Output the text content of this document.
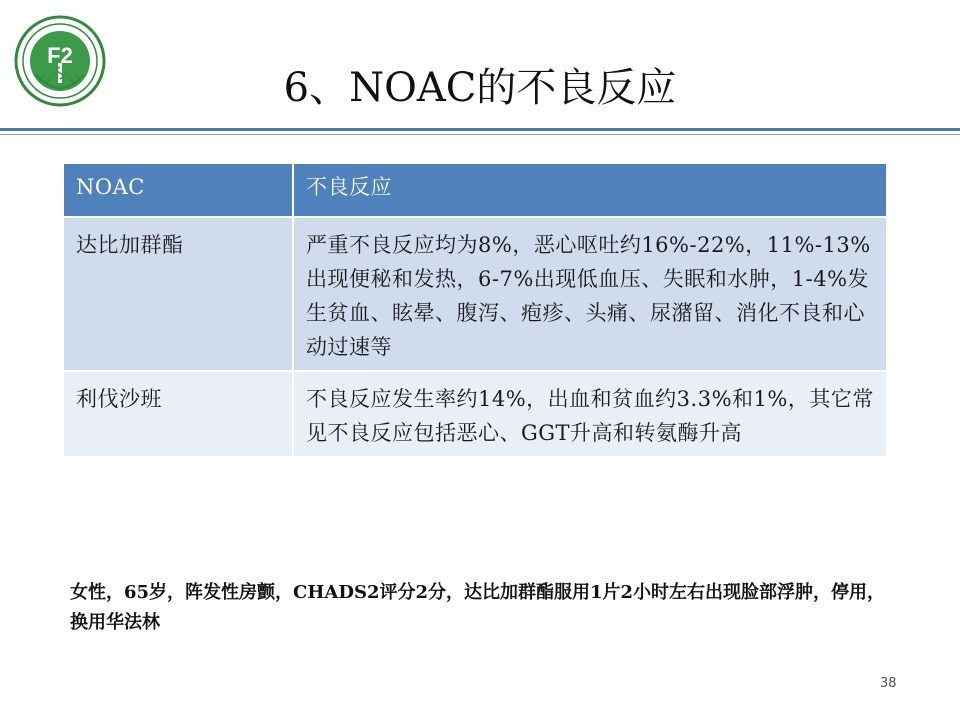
F2
6、NOAC的不良反应
NOAC	不良反应
达比加群酯	严重不良反应均为8%，恶心呕吐约16%-22%，11%-13%出现便秘和发热，6-7%出现低血压、失眠和水肿，1-4%发生贫血、眩晕、腹泻、疱疹、头痛、尿潴留、消化不良和心动过速等
利伐沙班	不良反应发生率约14%，出血和贫血约3.3%和1%，其它常见不良反应包括恶心、GGT升高和转氨酶升高
女性，65岁，阵发性房颤，CHADS2评分2分，达比加群酯服用1片2小时左右出现脸部浮肿，停用，换用华法林
38
